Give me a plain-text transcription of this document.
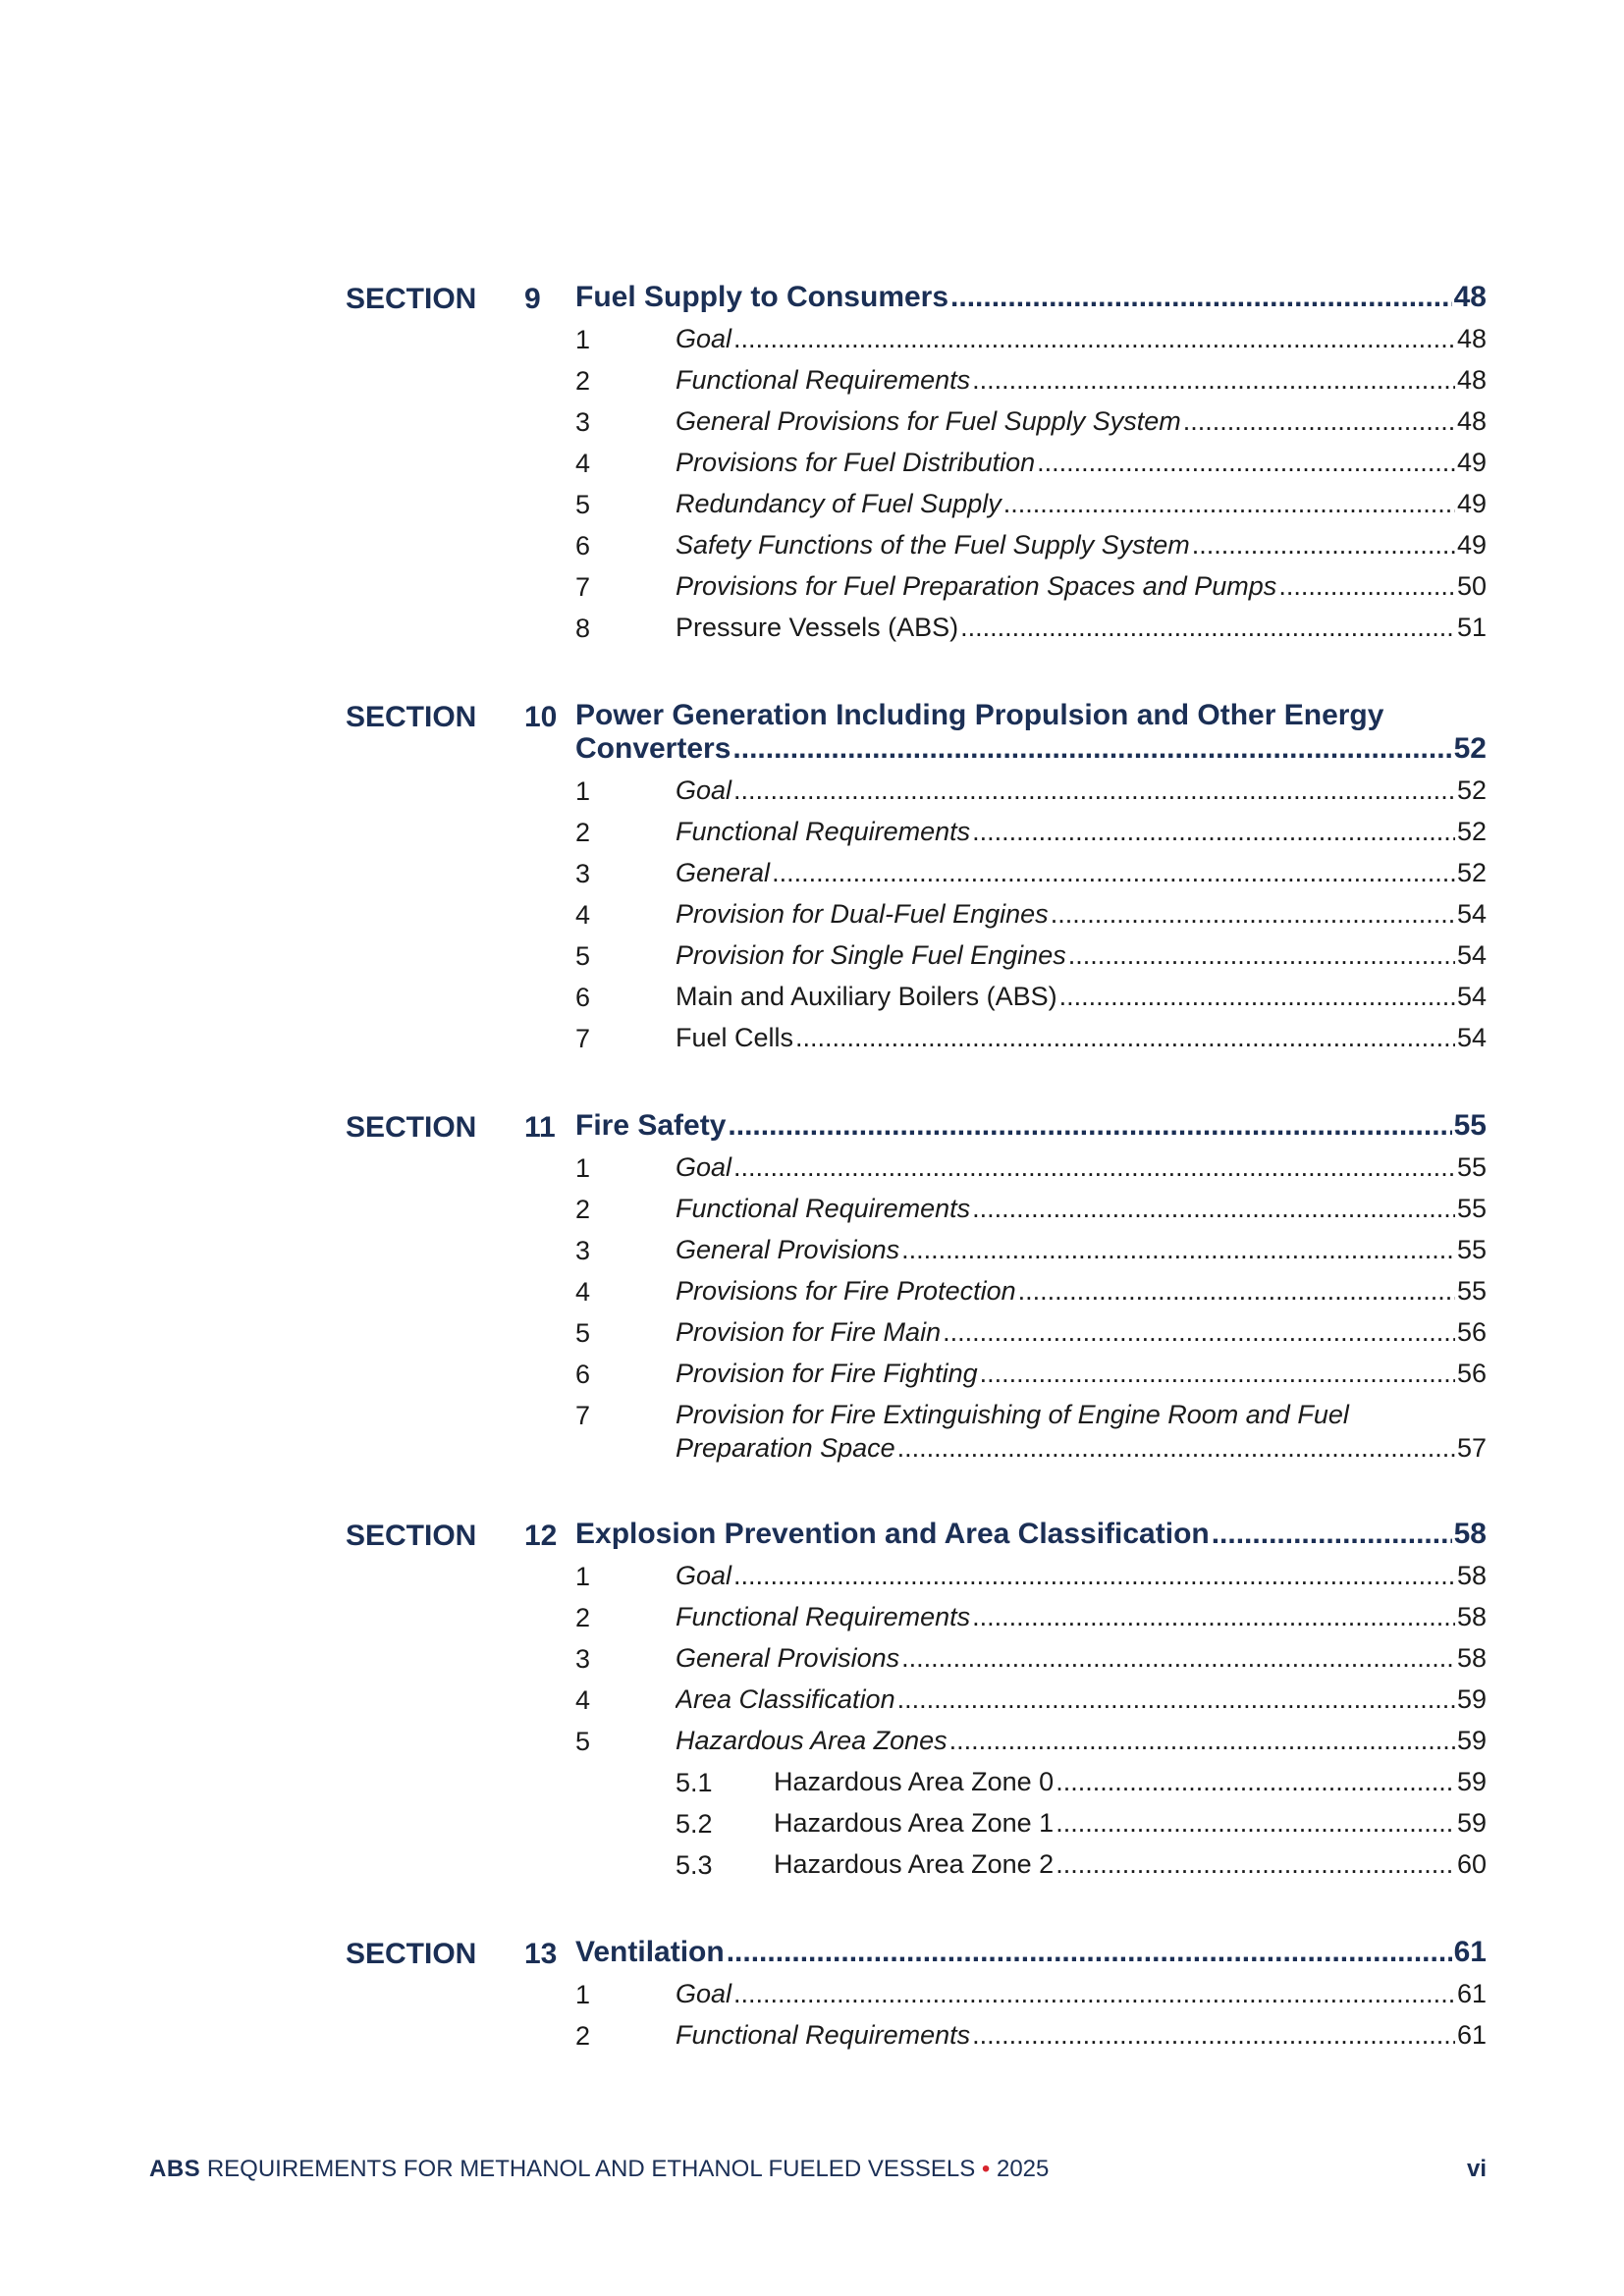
SECTION 9 Fuel Supply to Consumers .....	48
1	Goal .....	48
2	Functional Requirements .....	48
3	General Provisions for Fuel Supply System .....	48
4	Provisions for Fuel Distribution .....	49
5	Redundancy of Fuel Supply .....	49
6	Safety Functions of the Fuel Supply System .....	49
7	Provisions for Fuel Preparation Spaces and Pumps .....	50
8	Pressure Vessels (ABS) .....	51
SECTION 10 Power Generation Including Propulsion and Other Energy
Converters .....	52
1	Goal .....	52
2	Functional Requirements .....	52
3	General .....	52
4	Provision for Dual-Fuel Engines .....	54
5	Provision for Single Fuel Engines .....	54
6	Main and Auxiliary Boilers (ABS) .....	54
7	Fuel Cells .....	54
SECTION 11 Fire Safety .....	55
1	Goal .....	55
2	Functional Requirements .....	55
3	General Provisions .....	55
4	Provisions for Fire Protection .....	55
5	Provision for Fire Main .....	56
6	Provision for Fire Fighting .....	56
7	Provision for Fire Extinguishing of Engine Room and Fuel
Preparation Space .....	57
SECTION 12 Explosion Prevention and Area Classification .....	58
1	Goal .....	58
2	Functional Requirements .....	58
3	General Provisions .....	58
4	Area Classification .....	59
5	Hazardous Area Zones .....	59
5.1 Hazardous Area Zone 0 .....	59
5.2 Hazardous Area Zone 1 .....	59
5.3 Hazardous Area Zone 2 .....	60
SECTION 13 Ventilation .....	61
1	Goal .....	61
2	Functional Requirements .....	61
ABS REQUIREMENTS FOR METHANOL AND ETHANOL FUELED VESSELS • 2025	vi
